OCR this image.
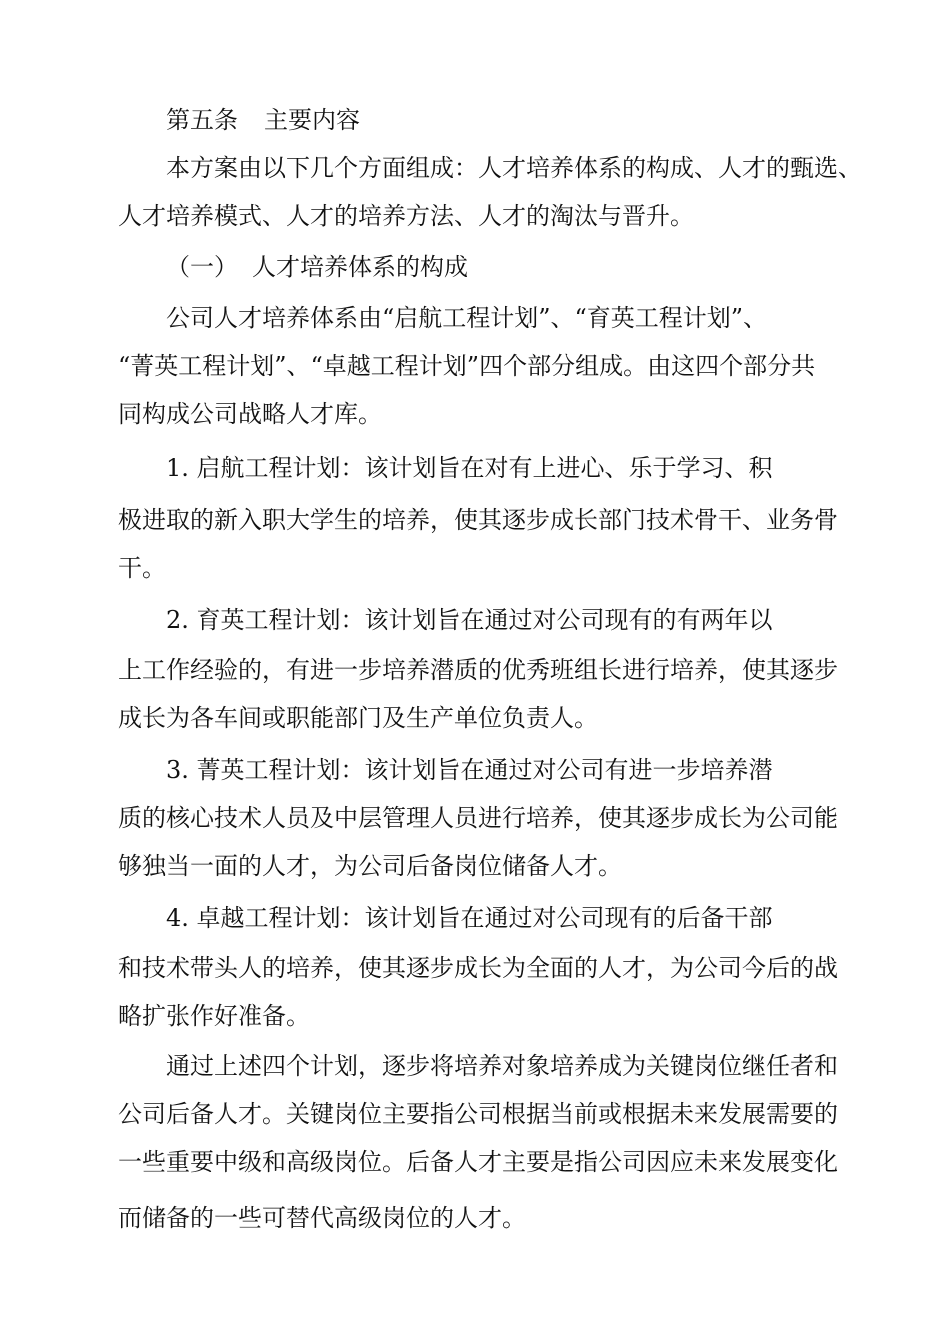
第五条 主要内容
本方案由以下几个方面组成：人才培养体系的构成、人才的甄选、
人才培养模式、人才的培养方法、人才的淘汰与晋升。
（一） 人才培养体系的构成
公司人才培养体系由“启航工程计划”、“育英工程计划”、
“菁英工程计划”、“卓越工程计划”四个部分组成。由这四个部分共
同构成公司战略人才库。
1. 启航工程计划：该计划旨在对有上进心、乐于学习、积
极进取的新入职大学生的培养，使其逐步成长部门技术骨干、业务骨
干。
2. 育英工程计划：该计划旨在通过对公司现有的有两年以
上工作经验的，有进一步培养潜质的优秀班组长进行培养，使其逐步
成长为各车间或职能部门及生产单位负责人。
3. 菁英工程计划：该计划旨在通过对公司有进一步培养潜
质的核心技术人员及中层管理人员进行培养，使其逐步成长为公司能
够独当一面的人才，为公司后备岗位储备人才。
4. 卓越工程计划：该计划旨在通过对公司现有的后备干部
和技术带头人的培养，使其逐步成长为全面的人才，为公司今后的战
略扩张作好准备。
通过上述四个计划，逐步将培养对象培养成为关键岗位继任者和
公司后备人才。关键岗位主要指公司根据当前或根据未来发展需要的
一些重要中级和高级岗位。后备人才主要是指公司因应未来发展变化
而储备的一些可替代高级岗位的人才。
